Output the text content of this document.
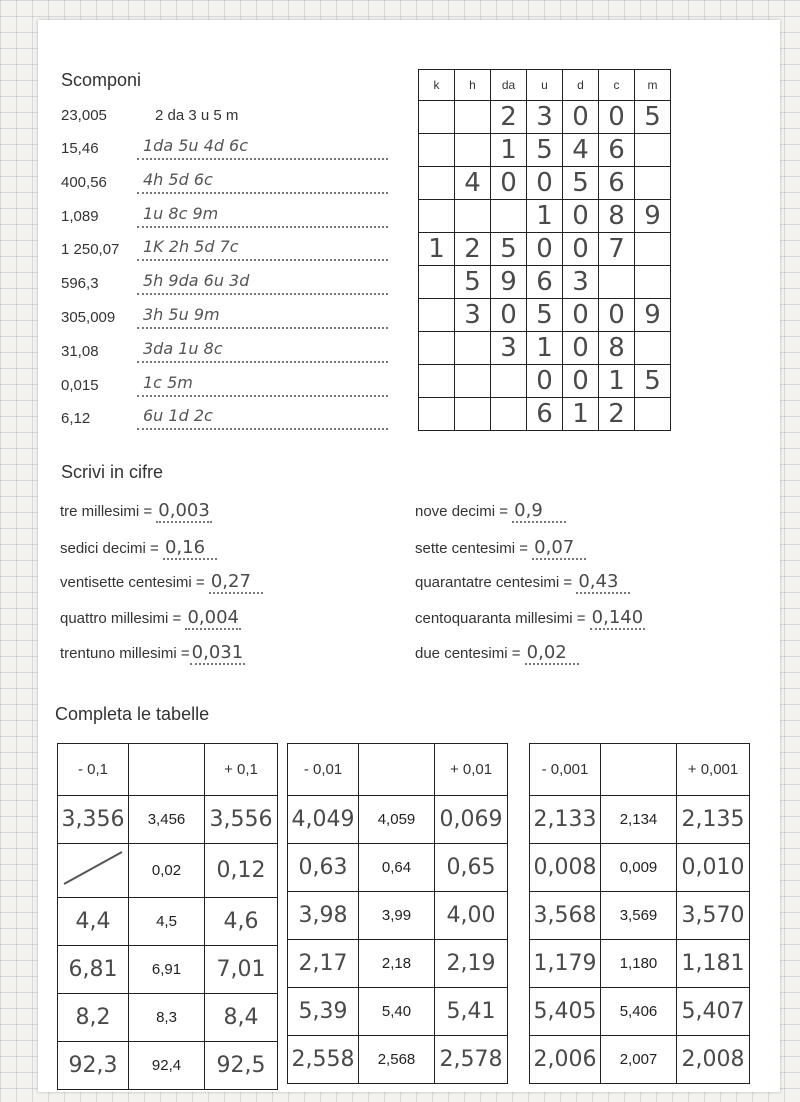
Scomponi
23,005	2 da 3 u 5 m
15,46	1da 5u 4d 6c
400,56	4h 5d 6c
1,089	1u 8c 9m
1 250,07	1K 2h 5d 7c
596,3	5h 9da 6u 3d
305,009	3h 5u 9m
31,08	3da 1u 8c
0,015	1c 5m
6,12	6u 1d 2c
k	h	da	u	d	c	m
		2	3	0	0	5
		1	5	4	6	
	4	0	0	5	6	
			1	0	8	9
1	2	5	0	0	7	
	5	9	6	3		
	3	0	5	0	0	9
		3	1	0	8	
			0	0	1	5
			6	1	2	
Scrivi in cifre
tre millesimi = 0,003
sedici decimi = 0,16
ventisette centesimi = 0,27
quattro millesimi = 0,004
trentuno millesimi = 0,031
nove decimi = 0,9
sette centesimi = 0,07
quarantatre centesimi = 0,43
centoquaranta millesimi = 0,140
due centesimi = 0,02
Completa le tabelle
- 0,1		+ 0,1
3,356	3,456	3,556
	0,02	0,12
4,4	4,5	4,6
6,81	6,91	7,01
8,2	8,3	8,4
92,3	92,4	92,5
- 0,01		+ 0,01
4,049	4,059	0,069
0,63	0,64	0,65
3,98	3,99	4,00
2,17	2,18	2,19
5,39	5,40	5,41
2,558	2,568	2,578
- 0,001		+ 0,001
2,133	2,134	2,135
0,008	0,009	0,010
3,568	3,569	3,570
1,179	1,180	1,181
5,405	5,406	5,407
2,006	2,007	2,008
